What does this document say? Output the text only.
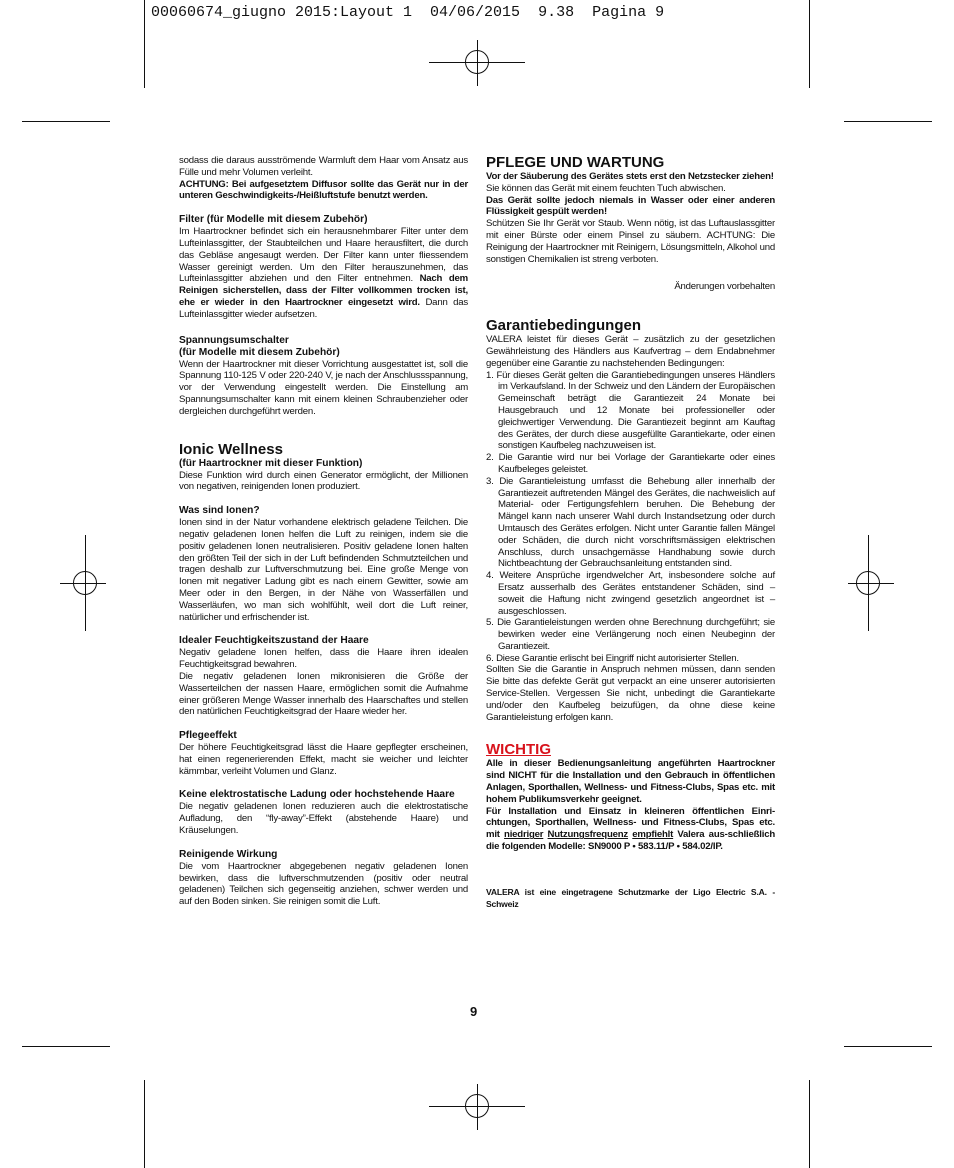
00060674_giugno 2015:Layout 1  04/06/2015  9.38  Pagina 9

sodass die daraus ausströmende Warmluft dem Haar vom Ansatz aus Fülle und mehr Volumen verleiht.

ACHTUNG: Bei aufgesetztem Diffusor sollte das Gerät nur in der unteren Geschwindigkeits-/Heißluftstufe benutzt werden.

Filter (für Modelle mit diesem Zubehör)

Im Haartrockner befindet sich ein herausnehmbarer Filter unter dem Lufteinlassgitter, der Staubteilchen und Haare herausfiltert, die durch das Gebläse angesaugt werden. Der Filter kann unter fliessendem Wasser gereinigt werden. Um den Filter herauszunehmen, das Lufteinlassgitter abziehen und den Filter entnehmen. Nach dem Reinigen sicherstellen, dass der Filter vollkommen trocken ist, ehe er wieder in den Haartrockner eingesetzt wird. Dann das Lufteinlassgitter wieder aufsetzen.

Spannungsumschalter

(für Modelle mit diesem Zubehör)

Wenn der Haartrockner mit dieser Vorrichtung ausgestattet ist, soll die Spannung 110-125 V oder 220-240 V, je nach der Anschlussspannung, vor der Verwendung eingestellt werden. Die Einstellung am Spannungsumschalter kann mit einem kleinen Schraubenzieher oder dergleichen durchgeführt werden.

Ionic Wellness

(für Haartrockner mit dieser Funktion)

Diese Funktion wird durch einen Generator ermöglicht, der Millionen von negativen, reinigenden Ionen produziert.

Was sind Ionen?

Ionen sind in der Natur vorhandene elektrisch geladene Teilchen. Die negativ geladenen Ionen helfen die Luft zu reinigen, indem sie die positiv geladenen Ionen neutralisieren. Positiv geladene Ionen halten den größten Teil der sich in der Luft befindenden Schmutzteilchen und tragen deshalb zur Luftverschmutzung bei. Eine große Menge von Ionen mit negativer Ladung gibt es nach einem Gewitter, sowie am Meer oder in den Bergen, in der Nähe von Wasserfällen und Wasserläufen, wo man sich wohlfühlt, weil dort die Luft reiner, natürlicher und erfrischender ist.

Idealer Feuchtigkeitszustand der Haare

Negativ geladene Ionen helfen, dass die Haare ihren idealen Feuchtigkeitsgrad bewahren.

Die negativ geladenen Ionen mikronisieren die Größe der Wasserteilchen der nassen Haare, ermöglichen somit die Aufnahme einer größeren Menge Wasser innerhalb des Haarschaftes und stellen den natürlichen Feuchtigkeitsgrad der Haare wieder her.

Pflegeeffekt

Der höhere Feuchtigkeitsgrad lässt die Haare gepflegter erscheinen, hat einen regenerierenden Effekt, macht sie weicher und leichter kämmbar, verleiht Volumen und Glanz.

Keine elektrostatische Ladung oder hochstehende Haare

Die negativ geladenen Ionen reduzieren auch die elektrostatische Aufladung, den “fly-away”-Effekt (abstehende Haare) und Kräuselungen.

Reinigende Wirkung

Die vom Haartrockner abgegebenen negativ geladenen Ionen bewirken, dass die luftverschmutzenden (positiv oder neutral geladenen) Teilchen sich gegenseitig anziehen, schwer werden und auf den Boden sinken. Sie reinigen somit die Luft.

PFLEGE UND WARTUNG

Vor der Säuberung des Gerätes stets erst den Netzstecker ziehen!

Sie können das Gerät mit einem feuchten Tuch abwischen.

Das Gerät sollte jedoch niemals in Wasser oder einer anderen Flüssigkeit gespült werden!

Schützen Sie Ihr Gerät vor Staub. Wenn nötig, ist das Luftauslassgitter mit einer Bürste oder einem Pinsel zu säubern. ACHTUNG: Die Reinigung der Haartrockner mit Reinigern, Lösungsmitteln, Alkohol und sonstigen Chemikalien ist streng verboten.

Änderungen vorbehalten

Garantiebedingungen

VALERA leistet für dieses Gerät – zusätzlich zu der gesetzlichen Gewährleistung des Händlers aus Kaufvertrag – dem Endabnehmer gegenüber eine Garantie zu nachstehenden Bedingungen:

1. Für dieses Gerät gelten die Garantiebedingungen unseres Händlers im Verkaufsland. In der Schweiz und den Ländern der Europäischen Gemeinschaft beträgt die Garantiezeit 24 Monate bei Hausgebrauch und 12 Monate bei professioneller oder gleichwertiger Verwendung. Die Garantiezeit beginnt am Kauftag des Gerätes, der durch diese ausgefüllte Garantiekarte, oder einen sonstigen Kaufbeleg nachzuweisen ist.
2. Die Garantie wird nur bei Vorlage der Garantiekarte oder eines Kaufbeleges geleistet.
3. Die Garantieleistung umfasst die Behebung aller innerhalb der Garantiezeit auftretenden Mängel des Gerätes, die nachweislich auf Material- oder Fertigungsfehlern beruhen. Die Behebung der Mängel kann nach unserer Wahl durch Instandsetzung oder durch Umtausch des Gerätes erfolgen. Nicht unter Garantie fallen Mängel oder Schäden, die durch nicht vorschriftsmässigen elektrischen Anschluss, durch unsachgemässe Handhabung sowie durch Nichtbeachtung der Gebrauchsanleitung entstanden sind.
4. Weitere Ansprüche irgendwelcher Art, insbesondere solche auf Ersatz ausserhalb des Gerätes entstandener Schäden, sind – soweit die Haftung nicht zwingend gesetzlich angeordnet ist – ausgeschlossen.
5. Die Garantieleistungen werden ohne Berechnung durchgeführt; sie bewirken weder eine Verlängerung noch einen Neubeginn der Garantiezeit.
6. Diese Garantie erlischt bei Eingriff nicht autorisierter Stellen.

Sollten Sie die Garantie in Anspruch nehmen müssen, dann senden Sie bitte das defekte Gerät gut verpackt an eine unserer autorisierten Service-Stellen. Vergessen Sie nicht, unbedingt die Garantiekarte und/oder den Kaufbeleg beizufügen, da ohne diese keine Garantieleistung erfolgen kann.

WICHTIG

Alle in dieser Bedienungsanleitung angeführten Haartrockner sind NICHT für die Installation und den Gebrauch in öffentlichen Anlagen, Sporthallen, Wellness- und Fitness-Clubs, Spas etc. mit hohem Publikumsverkehr geeignet.

Für Installation und Einsatz in kleineren öffentlichen Einri-chtungen, Sporthallen, Wellness- und Fitness-Clubs, Spas etc. mit niedriger Nutzungsfrequenz empfiehlt Valera aus-schließlich die folgenden Modelle: SN9000 P • 583.11/P • 584.02/IP.

VALERA ist eine eingetragene Schutzmarke der Ligo Electric S.A. - Schweiz

9
